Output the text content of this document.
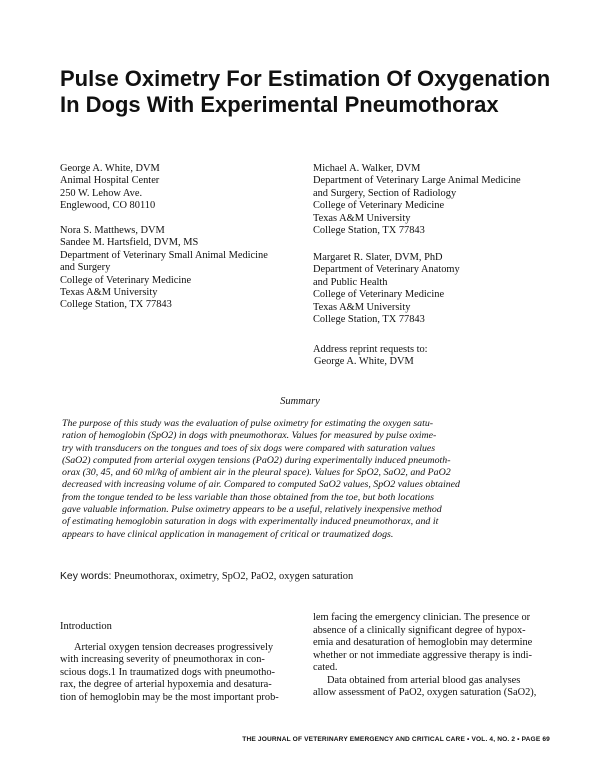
Pulse Oximetry For Estimation Of Oxygenation
In Dogs With Experimental Pneumothorax
George A. White, DVM
Animal Hospital Center
250 W. Lehow Ave.
Englewood, CO 80110
Nora S. Matthews, DVM
Sandee M. Hartsfield, DVM, MS
Department of Veterinary Small Animal Medicine
and Surgery
College of Veterinary Medicine
Texas A&M University
College Station, TX 77843
Michael A. Walker, DVM
Department of Veterinary Large Animal Medicine
and Surgery, Section of Radiology
College of Veterinary Medicine
Texas A&M University
College Station, TX 77843
Margaret R. Slater, DVM, PhD
Department of Veterinary Anatomy
and Public Health
College of Veterinary Medicine
Texas A&M University
College Station, TX 77843
Address reprint requests to:
George A. White, DVM
Summary
The purpose of this study was the evaluation of pulse oximetry for estimating the oxygen satu-
ration of hemoglobin (SpO2) in dogs with pneumothorax. Values for measured by pulse oxime-
try with transducers on the tongues and toes of six dogs were compared with saturation values
(SaO2) computed from arterial oxygen tensions (PaO2) during experimentally induced pneumoth-
orax (30, 45, and 60 ml/kg of ambient air in the pleural space). Values for SpO2, SaO2, and PaO2
decreased with increasing volume of air. Compared to computed SaO2 values, SpO2 values obtained
from the tongue tended to be less variable than those obtained from the toe, but both locations
gave valuable information. Pulse oximetry appears to be a useful, relatively inexpensive method
of estimating hemoglobin saturation in dogs with experimentally induced pneumothorax, and it
appears to have clinical application in management of critical or traumatized dogs.
Key words: Pneumothorax, oximetry, SpO2, PaO2, oxygen saturation
Introduction
Arterial oxygen tension decreases progressively
with increasing severity of pneumothorax in con-
scious dogs.1 In traumatized dogs with pneumotho-
rax, the degree of arterial hypoxemia and desatura-
tion of hemoglobin may be the most important prob-
lem facing the emergency clinician. The presence or
absence of a clinically significant degree of hypox-
emia and desaturation of hemoglobin may determine
whether or not immediate aggressive therapy is indi-
cated.
Data obtained from arterial blood gas analyses
allow assessment of PaO2, oxygen saturation (SaO2),
THE JOURNAL OF VETERINARY EMERGENCY AND CRITICAL CARE • VOL. 4, NO. 2 • PAGE 69
